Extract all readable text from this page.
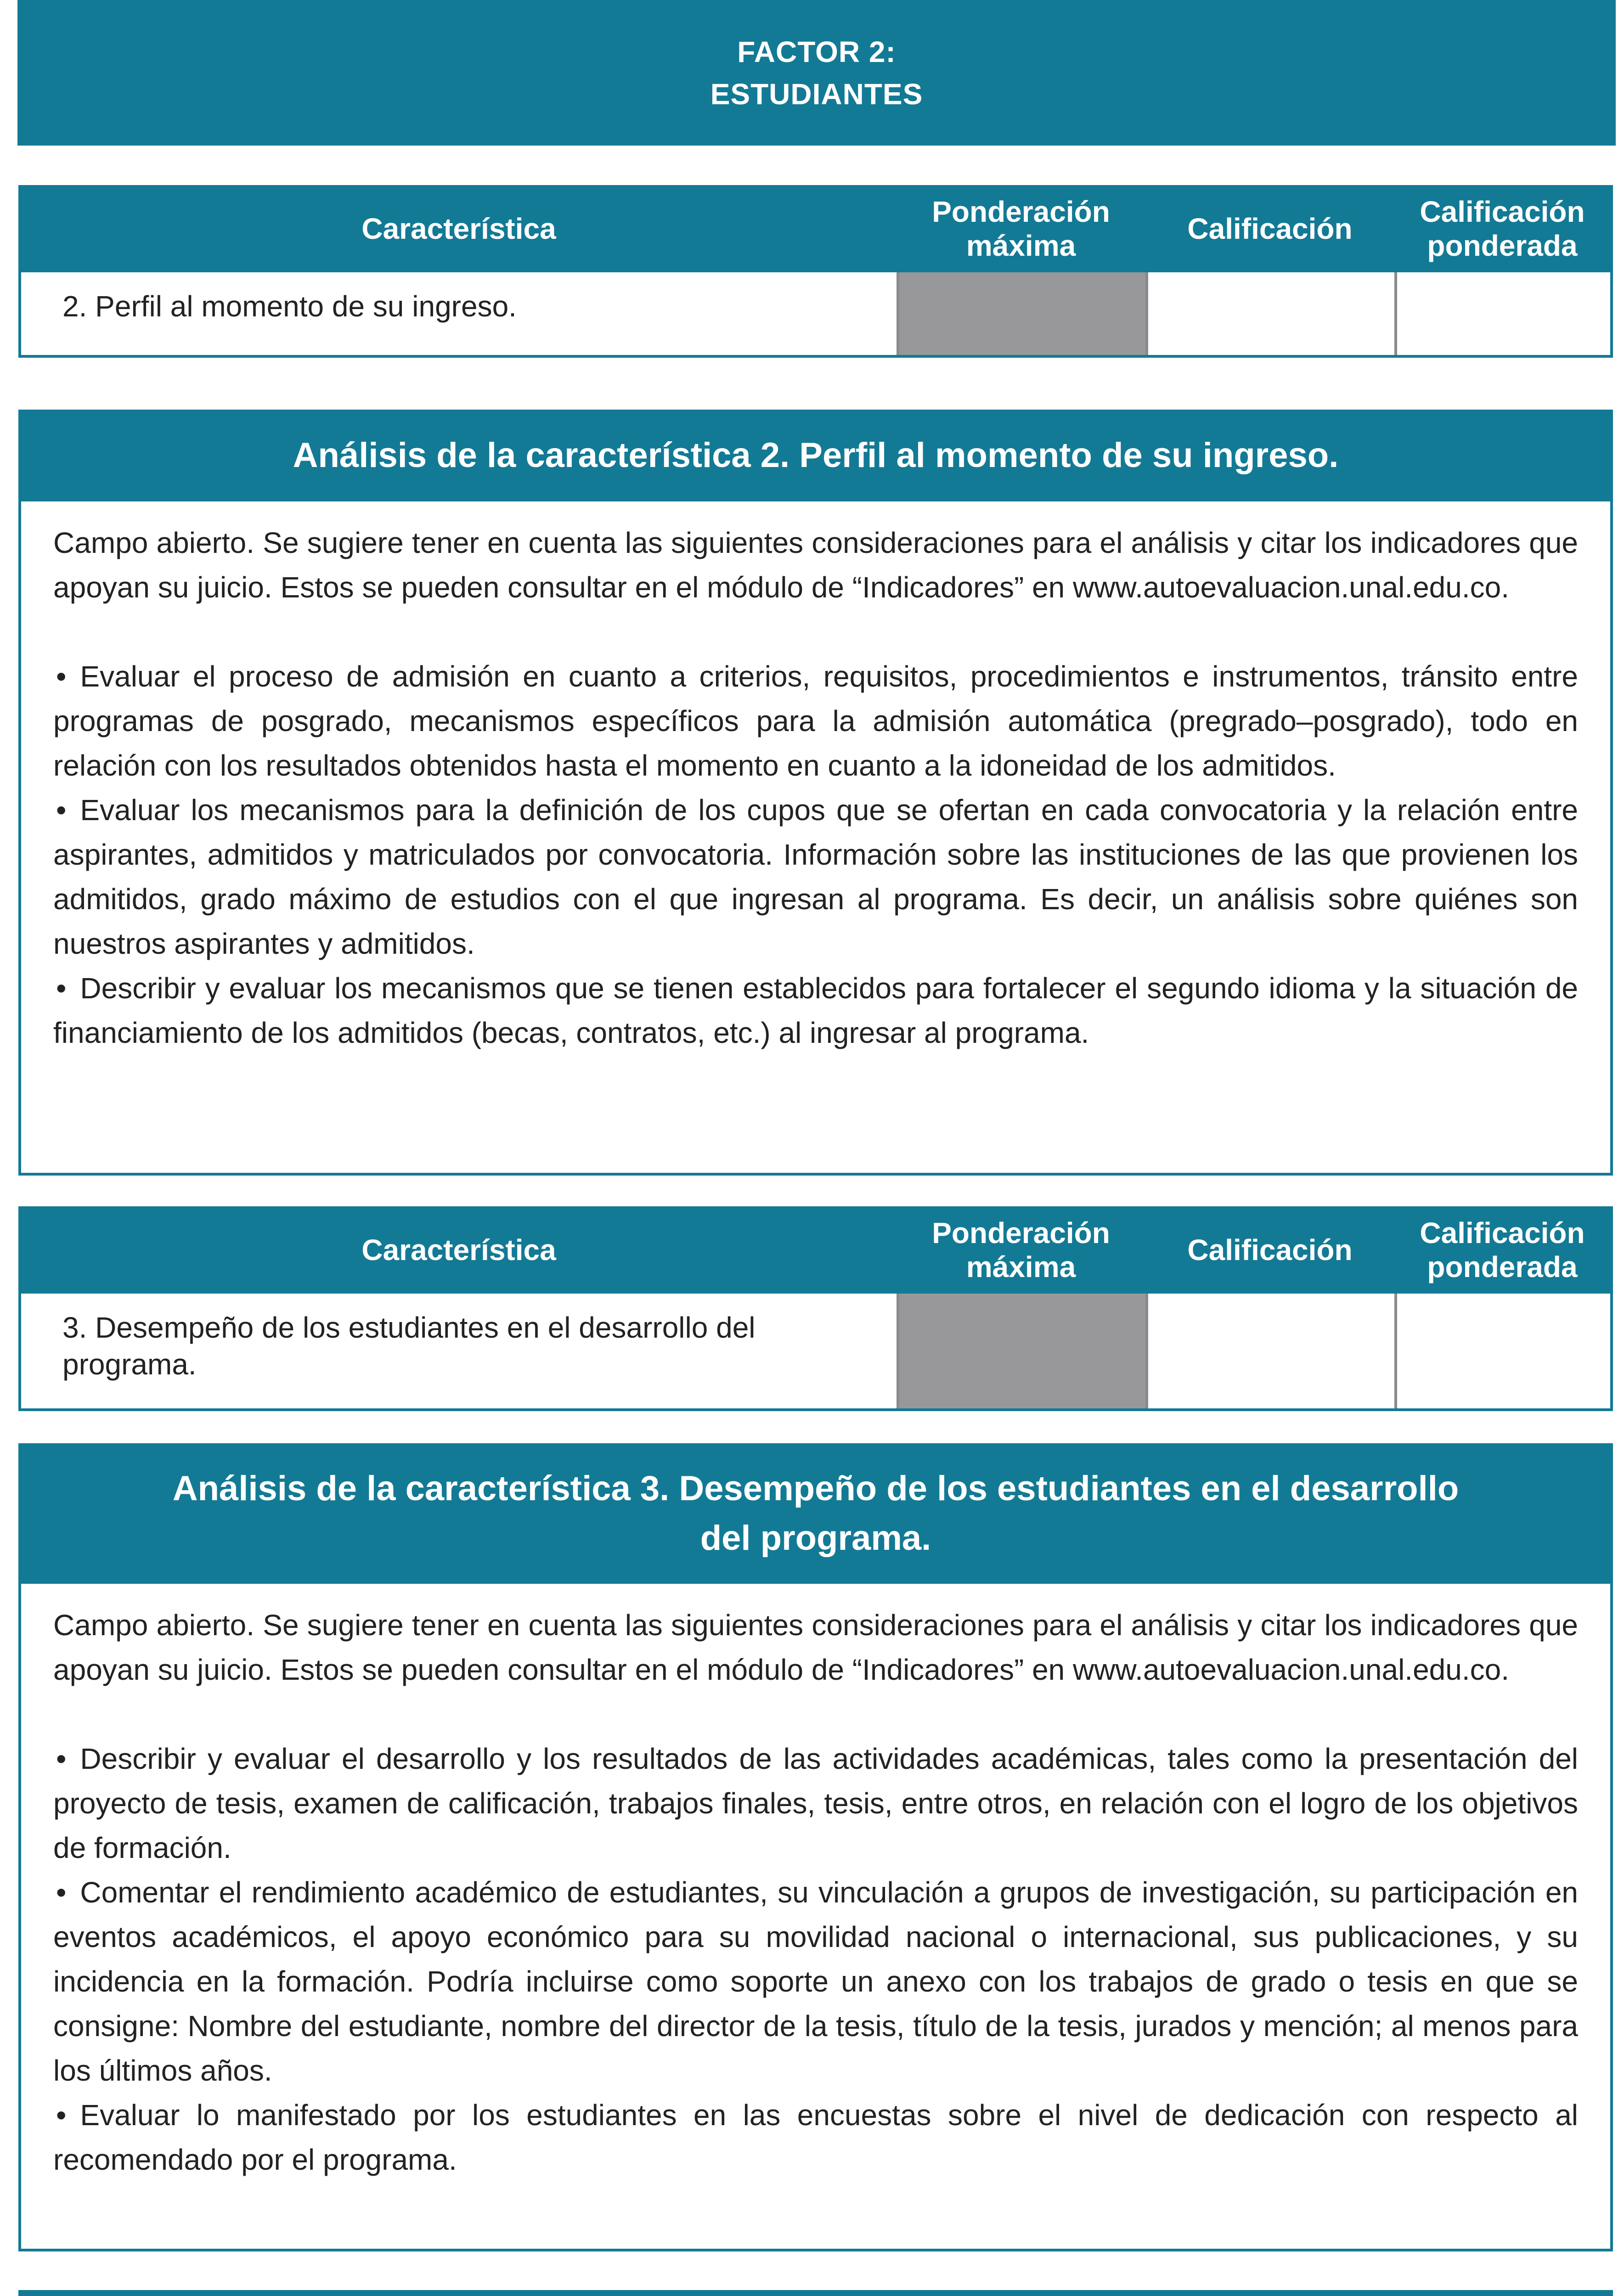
FACTOR 2:
ESTUDIANTES
Característica
Ponderación máxima
Calificación
Calificación ponderada
2. Perfil al momento de su ingreso.
Análisis de la característica 2. Perfil al momento de su ingreso.

Campo abierto. Se sugiere tener en cuenta las siguientes consideraciones para el análisis y citar los indicadores que apoyan su juicio. Estos se pueden consultar en el módulo de “Indicadores” en www.autoevaluacion.unal.edu.co.

• Evaluar el proceso de admisión en cuanto a criterios, requisitos, procedimientos e instrumentos, tránsito entre programas de posgrado, mecanismos específicos para la admisión automática (pregrado–posgrado), todo en relación con los resultados obtenidos hasta el momento en cuanto a la idoneidad de los admitidos.

• Evaluar los mecanismos para la definición de los cupos que se ofertan en cada convocatoria y la relación entre aspirantes, admitidos y matriculados por convocatoria. Información sobre las instituciones de las que provienen los admitidos, grado máximo de estudios con el que ingresan al programa. Es decir, un análisis sobre quiénes son nuestros aspirantes y admitidos.

• Describir y evaluar los mecanismos que se tienen establecidos para fortalecer el segundo idioma y la situación de financiamiento de los admitidos (becas, contratos, etc.) al ingresar al programa.

Característica
Ponderación máxima
Calificación
Calificación ponderada
3. Desempeño de los estudiantes en el desarrollo del programa.
Análisis de la característica 3. Desempeño de los estudiantes en el desarrollo
del programa.

Campo abierto. Se sugiere tener en cuenta las siguientes consideraciones para el análisis y citar los indicadores que apoyan su juicio. Estos se pueden consultar en el módulo de “Indicadores” en www.autoevaluacion.unal.edu.co.

• Describir y evaluar el desarrollo y los resultados de las actividades académicas, tales como la presentación del proyecto de tesis, examen de calificación, trabajos finales, tesis, entre otros, en relación con el logro de los objetivos de formación.

• Comentar el rendimiento académico de estudiantes, su vinculación a grupos de investigación, su participación en eventos académicos, el apoyo económico para su movilidad nacional o internacional, sus publicaciones, y su incidencia en la formación. Podría incluirse como soporte un anexo con los trabajos de grado o tesis en que se consigne: Nombre del estudiante, nombre del director de la tesis, título de la tesis, jurados y mención; al menos para los últimos años.

• Evaluar lo manifestado por los estudiantes en las encuestas sobre el nivel de dedicación con respecto al recomendado por el programa.
